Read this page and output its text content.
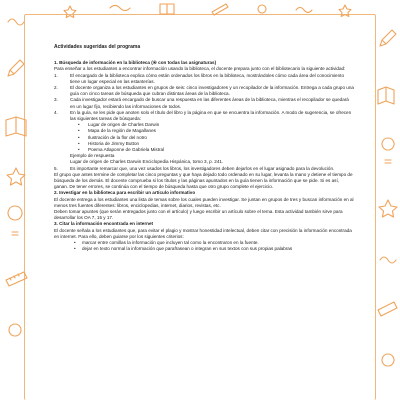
Actividades sugeridas del programa

1. Búsqueda de información en la biblioteca (④ con todas las asignaturas)

Para enseñar a los estudiantes a encontrar información usando la biblioteca, el docente prepara junto con el bibliotecario la siguiente actividad:

1.	El encargado de la biblioteca explica cómo están ordenados los libros en la biblioteca, mostrándoles cómo cada área del conocimiento tiene un lugar especial en las estanterías.

2.	El docente organiza a los estudiantes en grupos de seis: cinco investigadores y un recopilador de la información. Entrega a cada grupo una guía con cinco tareas de búsqueda que cubran distintas áreas de la biblioteca.

3.	Cada investigador estará encargado de buscar una respuesta en las diferentes áreas de la biblioteca, mientras el recopilador se quedará en un lugar fijo, recibiendo las informaciones de todos.

4.	En la guía, se les pide que anoten solo el título del libro y la página en que se encuentra la información. A modo de sugerencia, se ofrecen las siguientes tareas de búsqueda:

• Lugar de origen de Charles Darwin

• Mapa de la región de Magallanes

• Ilustración de la flor del notro

• Historia de Jimmy Button

• Poema Atlaponne de Gabriela Mistral

Ejemplo de respuesta

Lugar de origen de Charles Darwin Enciclopedia Hispánica, tomo 3, p. 241.

5.	Es importante remarcar que, una vez usados los libros, los investigadores deben dejarlos en el lugar asignado para la devolución.

El grupo que antes termine de completar las cinco preguntas y que haya dejado todo ordenado en su lugar, levanta la mano y detiene el tiempo de búsqueda de los demás. El docente comprueba si los títulos y las páginas apuntados en la guía tienen la información que se pide. Si es así, ganan. De tener errores, se continúa con el tiempo de búsqueda hasta que otro grupo complete el ejercicio.

2. Investigar en la biblioteca para escribir un artículo informativo

El docente entrega a los estudiantes una lista de temas sobre los cuales pueden investigar. Se juntan en grupos de tres y buscan información en al menos tres fuentes diferentes: libros, enciclopedias, internet, diarios, revistas, etc.

Deben tomar apuntes (que serán entregados junto con el artículo) y luego escribir un artículo sobre el tema. Esta actividad también sirve para desarrollar los OA 7, 15 y 17.

3. Citar la información encontrada en internet

El docente señala a los estudiantes que, para evitar el plagio y mostrar honestidad intelectual, deben citar con precisión la información encontrada en internet. Para ello, deben guiarse por los siguientes criterios:

• marcar entre comillas la información que incluyen tal como la encontraron en la fuente.

• dejar en texto normal la información que parafrasean o integran en sus textos con sus propias palabras
